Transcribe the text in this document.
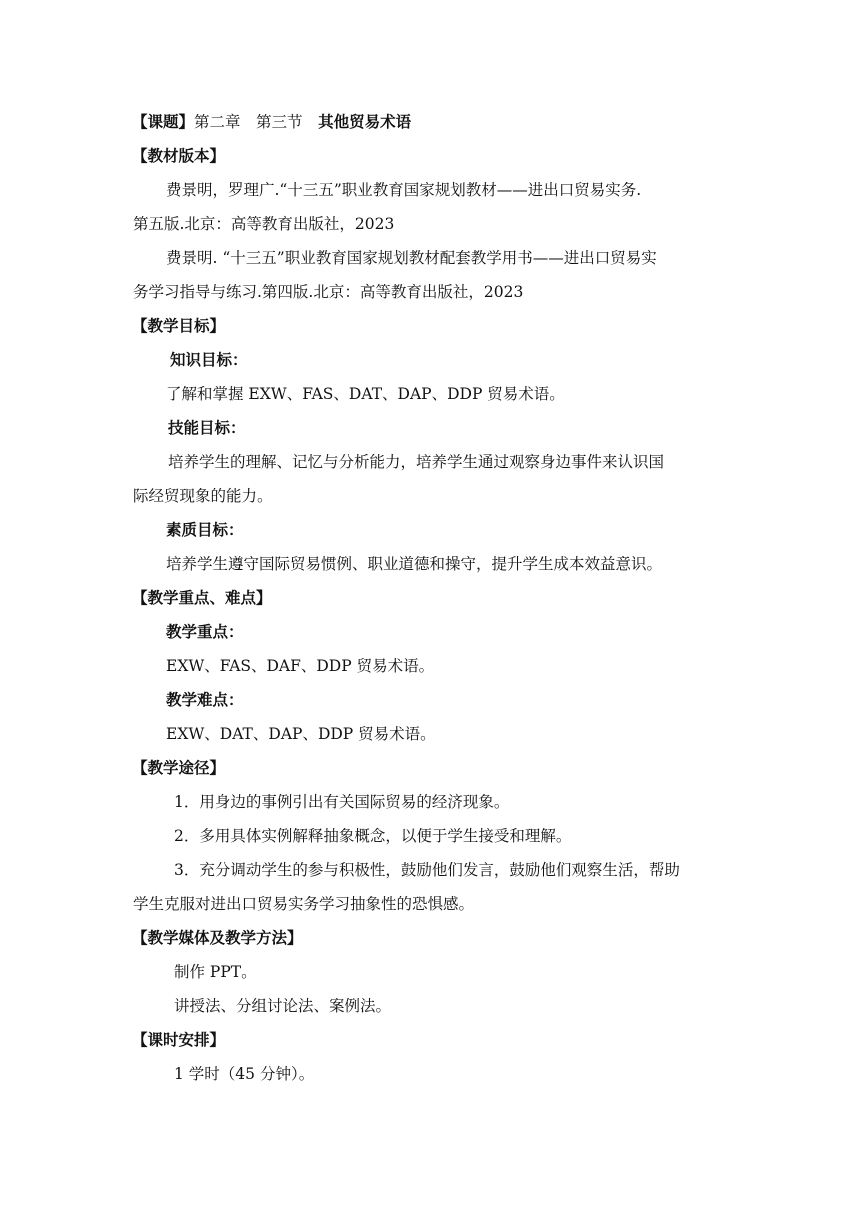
【课题】第二章　 第三节　 其他贸易术语
【教材版本】
费景明，罗理广.“十三五”职业教育国家规划教材——进出口贸易实务.
第五版.北京：高等教育出版社，2023
费景明. “十三五”职业教育国家规划教材配套教学用书——进出口贸易实
务学习指导与练习.第四版.北京：高等教育出版社，2023
【教学目标】
知识目标：
了解和掌握 EXW、FAS、DAT、DAP、DDP 贸易术语。
技能目标：
培养学生的理解、记忆与分析能力，培养学生通过观察身边事件来认识国
际经贸现象的能力。
素质目标：
培养学生遵守国际贸易惯例、职业道德和操守，提升学生成本效益意识。
【教学重点、难点】
教学重点：
EXW、FAS、DAF、DDP 贸易术语。
教学难点：
EXW、DAT、DAP、DDP 贸易术语。
【教学途径】
1．用身边的事例引出有关国际贸易的经济现象。
2．多用具体实例解释抽象概念，以便于学生接受和理解。
3．充分调动学生的参与积极性，鼓励他们发言，鼓励他们观察生活，帮助
学生克服对进出口贸易实务学习抽象性的恐惧感。
【教学媒体及教学方法】
制作 PPT。
讲授法、分组讨论法、案例法。
【课时安排】
1 学时（45 分钟）。
